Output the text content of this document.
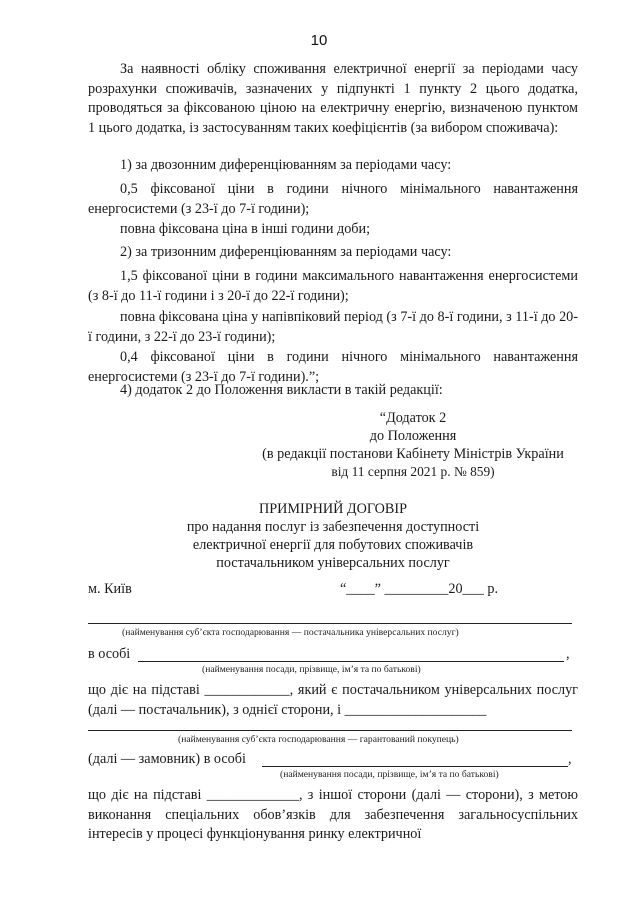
10

За наявності обліку споживання електричної енергії за періодами часу розрахунки споживачів, зазначених у підпункті 1 пункту 2 цього додатка, проводяться за фіксованою ціною на електричну енергію, визначеною пунктом 1 цього додатка, із застосуванням таких коефіцієнтів (за вибором споживача):

1) за двозонним диференціюванням за періодами часу:

0,5 фіксованої ціни в години нічного мінімального навантаження енергосистеми (з 23-ї до 7-ї години);

повна фіксована ціна в інші години доби;

2) за тризонним диференціюванням за періодами часу:

1,5 фіксованої ціни в години максимального навантаження енергосистеми (з 8-ї до 11-ї години і з 20-ї до 22-ї години);

повна фіксована ціна у напівпіковий період (з 7-ї до 8-ї години, з 11-ї до 20-ї години, з 22-ї до 23-ї години);

0,4 фіксованої ціни в години нічного мінімального навантаження енергосистеми (з 23-ї до 7-ї години).”;

4) додаток 2 до Положення викласти в такій редакції:

“Додаток 2

до Положення

(в редакції постанови Кабінету Міністрів України

від 11 серпня 2021 р. № 859)

ПРИМІРНИЙ ДОГОВІР

про надання послуг із забезпечення доступності

електричної енергії для побутових споживачів

постачальником універсальних послуг

м. Київ	“____” _________20___ р.
(найменування суб’єкта господарювання — постачальника універсальних послуг)
в особі	,
(найменування посади, прізвище, ім’я та по батькові)

що діє на підставі ____________, який є постачальником універсальних послуг (далі — постачальник), з однієї сторони, і ____________________

(найменування суб’єкта господарювання — гарантований покупець)
(далі — замовник) в особі	,
(найменування посади, прізвище, ім’я та по батькові)

що діє на підставі _____________, з іншої сторони (далі — сторони), з метою виконання спеціальних обов’язків для забезпечення загальносуспільних інтересів у процесі функціонування ринку електричної
